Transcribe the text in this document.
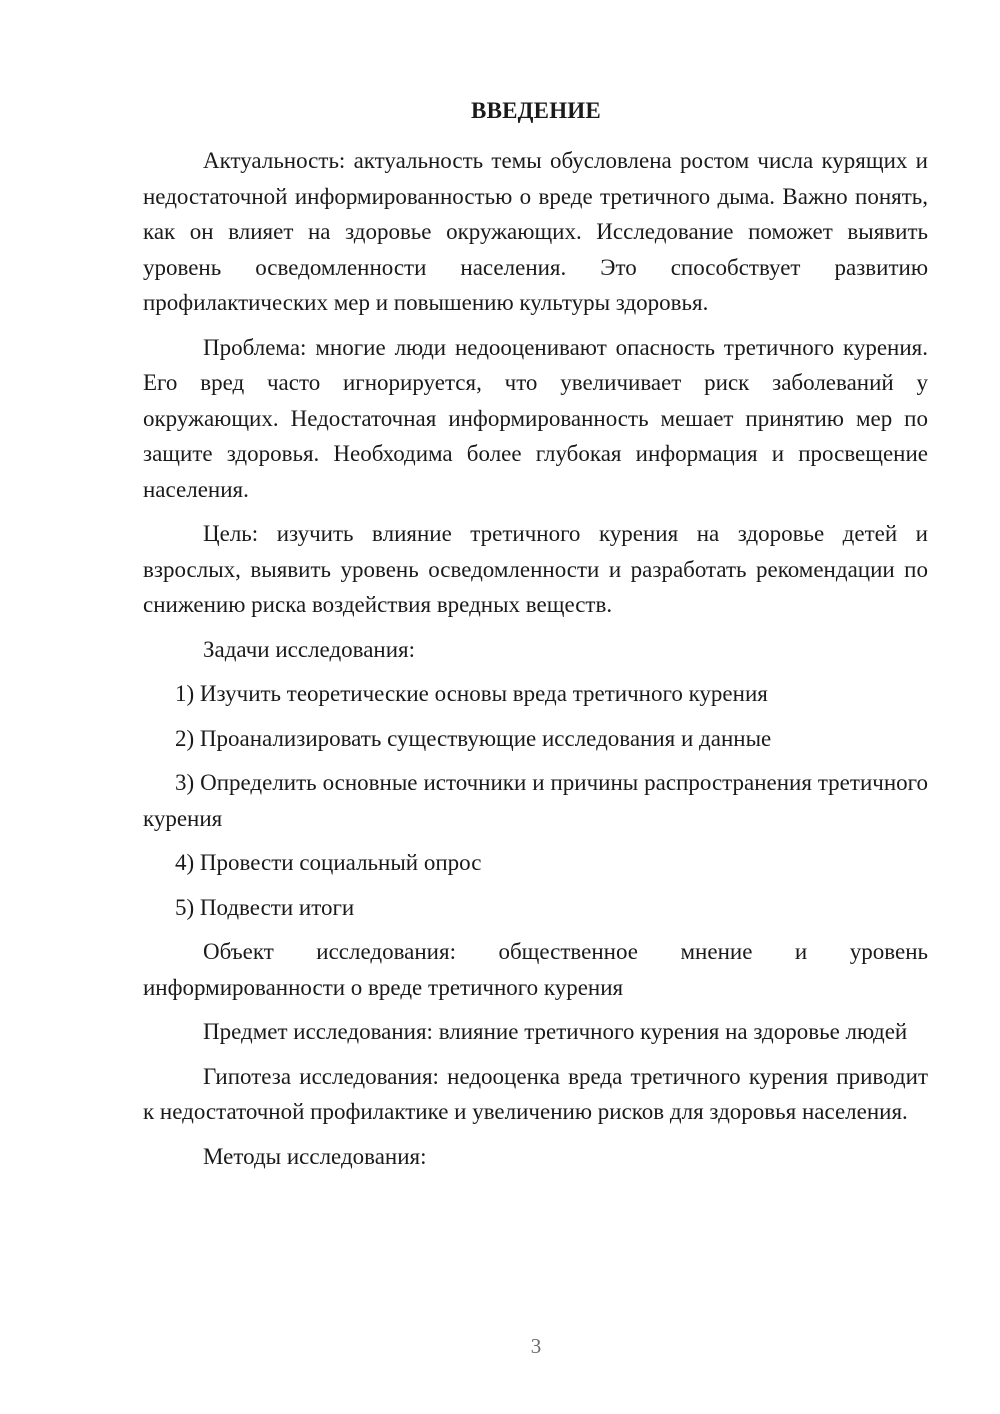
ВВЕДЕНИЕ

Актуальность: актуальность темы обусловлена ростом числа курящих и недостаточной информированностью о вреде третичного дыма. Важно понять, как он влияет на здоровье окружающих. Исследование поможет выявить уровень осведомленности населения. Это способствует развитию профилактических мер и повышению культуры здоровья.

Проблема: многие люди недооценивают опасность третичного курения. Его вред часто игнорируется, что увеличивает риск заболеваний у окружающих. Недостаточная информированность мешает принятию мер по защите здоровья. Необходима более глубокая информация и просвещение населения.

Цель: изучить влияние третичного курения на здоровье детей и взрослых, выявить уровень осведомленности и разработать рекомендации по снижению риска воздействия вредных веществ.

Задачи исследования:

1) Изучить теоретические основы вреда третичного курения

2) Проанализировать существующие исследования и данные

3) Определить основные источники и причины распространения третичного курения

4) Провести социальный опрос

5) Подвести итоги

Объект исследования: общественное мнение и уровень информированности о вреде третичного курения

Предмет исследования: влияние третичного курения на здоровье людей

Гипотеза исследования: недооценка вреда третичного курения приводит к недостаточной профилактике и увеличению рисков для здоровья населения.

Методы исследования:

3
